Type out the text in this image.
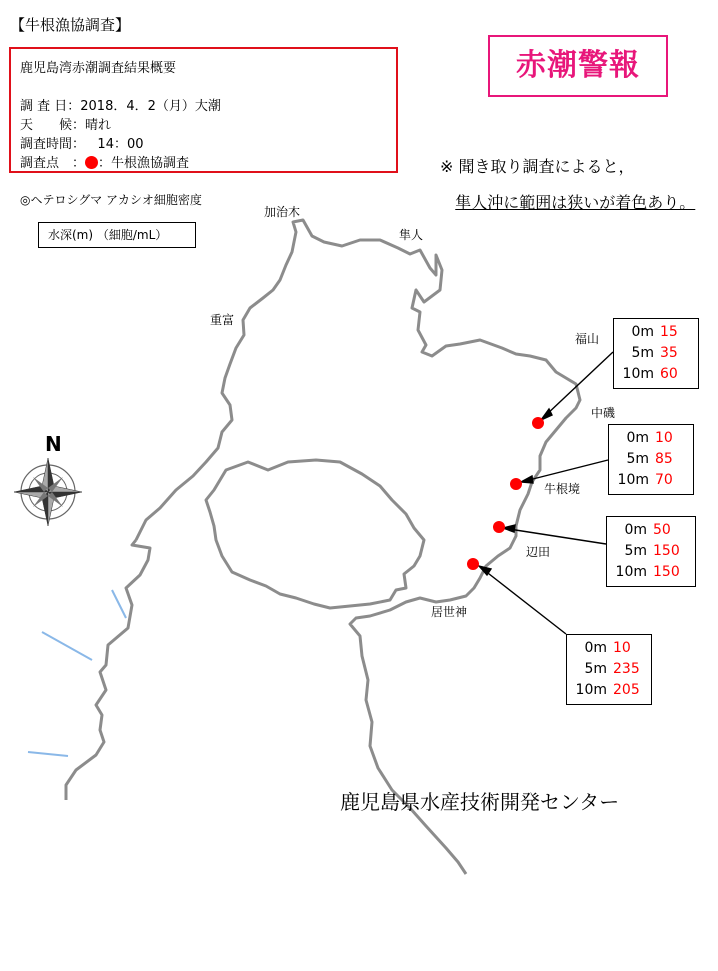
【牛根漁協調査】
鹿児島湾赤潮調査結果概要
調 査 日：2018．4．2（月）大潮
天　　候：晴れ
調査時間： 14：00
調査点　： ：牛根漁協調査
赤潮警報
※ 聞き取り調査によると，
隼人沖に範囲は狭いが着色あり。
◎ヘテロシグマ アカシオ細胞密度
水深(m) （細胞/mL）
N
加治木
隼人
重富
福山
中磯
牛根境
辺田
居世神
0m 15
5m 35
10m 60
0m 10
5m 85
10m 70
0m 50
5m 150
10m 150
0m 10
5m 235
10m 205
鹿児島県水産技術開発センター
